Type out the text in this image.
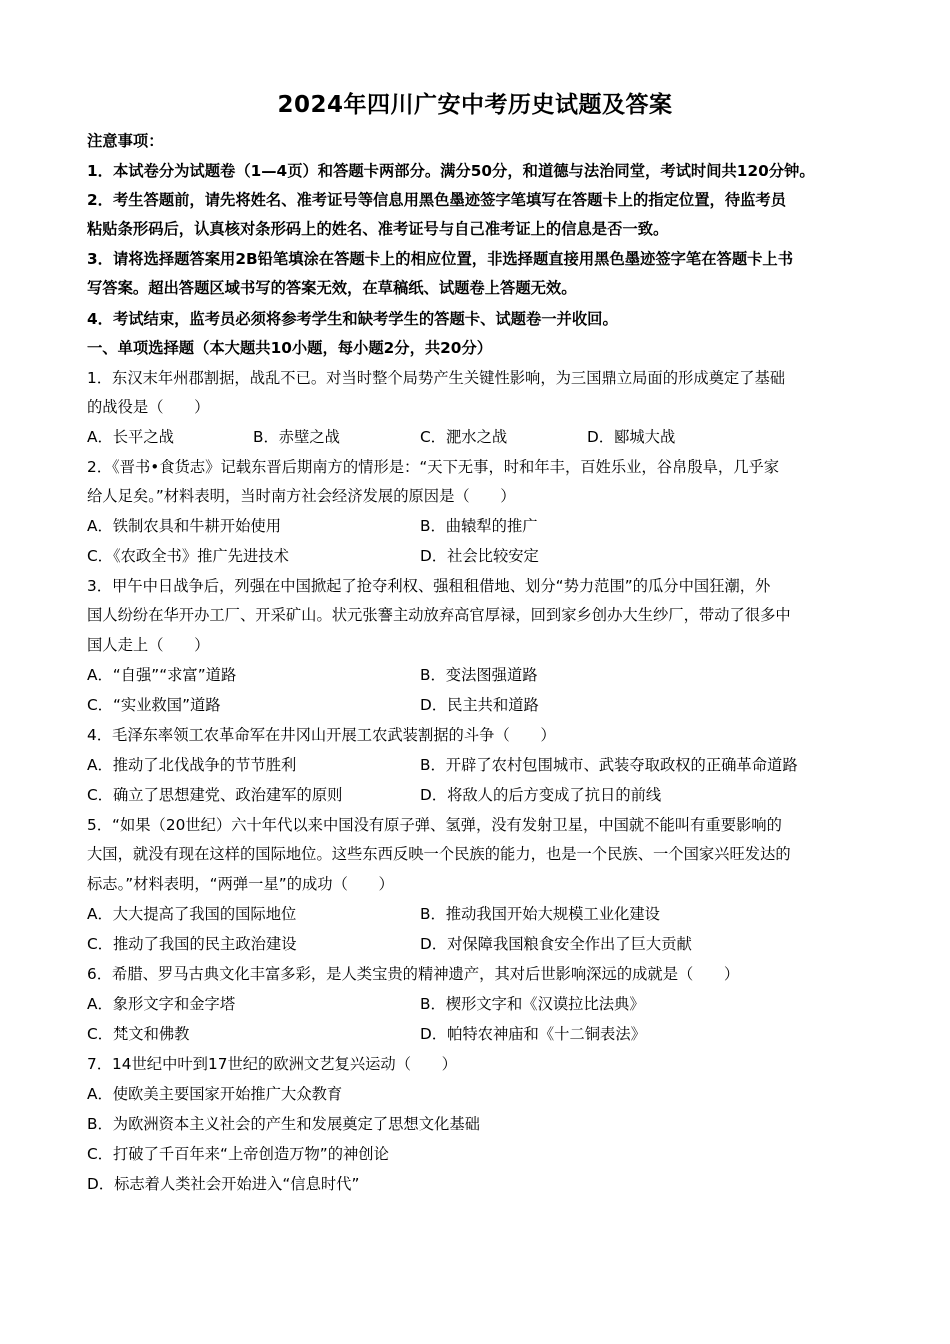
2024年四川广安中考历史试题及答案
注意事项：
1．本试卷分为试题卷（1—4页）和答题卡两部分。满分50分，和道德与法治同堂，考试时间共120分钟。
2．考生答题前，请先将姓名、准考证号等信息用黑色墨迹签字笔填写在答题卡上的指定位置，待监考员
粘贴条形码后，认真核对条形码上的姓名、准考证号与自己准考证上的信息是否一致。
3．请将选择题答案用2B铅笔填涂在答题卡上的相应位置，非选择题直接用黑色墨迹签字笔在答题卡上书
写答案。超出答题区域书写的答案无效，在草稿纸、试题卷上答题无效。
4．考试结束，监考员必须将参考学生和缺考学生的答题卡、试题卷一并收回。
一、单项选择题（本大题共10小题，每小题2分，共20分）
1．东汉末年州郡割据，战乱不已。对当时整个局势产生关键性影响，为三国鼎立局面的形成奠定了基础
的战役是（　　）
A．长平之战	B．赤壁之战	C．淝水之战	D．郾城大战
2．《晋书•食货志》记载东晋后期南方的情形是：“天下无事，时和年丰，百姓乐业，谷帛殷阜，几乎家
给人足矣。”材料表明，当时南方社会经济发展的原因是（　　）
A．铁制农具和牛耕开始使用	B．曲辕犁的推广
C．《农政全书》推广先进技术	D．社会比较安定
3．甲午中日战争后，列强在中国掀起了抢夺利权、强租租借地、划分“势力范围”的瓜分中国狂潮，外
国人纷纷在华开办工厂、开采矿山。状元张謇主动放弃高官厚禄，回到家乡创办大生纱厂，带动了很多中
国人走上（　　）
A．“自强”“求富”道路	B．变法图强道路
C．“实业救国”道路	D．民主共和道路
4．毛泽东率领工农革命军在井冈山开展工农武装割据的斗争（　　）
A．推动了北伐战争的节节胜利	B．开辟了农村包围城市、武装夺取政权的正确革命道路
C．确立了思想建党、政治建军的原则	D．将敌人的后方变成了抗日的前线
5．“如果（20世纪）六十年代以来中国没有原子弹、氢弹，没有发射卫星，中国就不能叫有重要影响的
大国，就没有现在这样的国际地位。这些东西反映一个民族的能力，也是一个民族、一个国家兴旺发达的
标志。”材料表明，“两弹一星”的成功（　　）
A．大大提高了我国的国际地位	B．推动我国开始大规模工业化建设
C．推动了我国的民主政治建设	D．对保障我国粮食安全作出了巨大贡献
6．希腊、罗马古典文化丰富多彩，是人类宝贵的精神遗产，其对后世影响深远的成就是（　　）
A．象形文字和金字塔	B．楔形文字和《汉谟拉比法典》
C．梵文和佛教	D．帕特农神庙和《十二铜表法》
7．14世纪中叶到17世纪的欧洲文艺复兴运动（　　）
A．使欧美主要国家开始推广大众教育
B．为欧洲资本主义社会的产生和发展奠定了思想文化基础
C．打破了千百年来“上帝创造万物”的神创论
D．标志着人类社会开始进入“信息时代”
